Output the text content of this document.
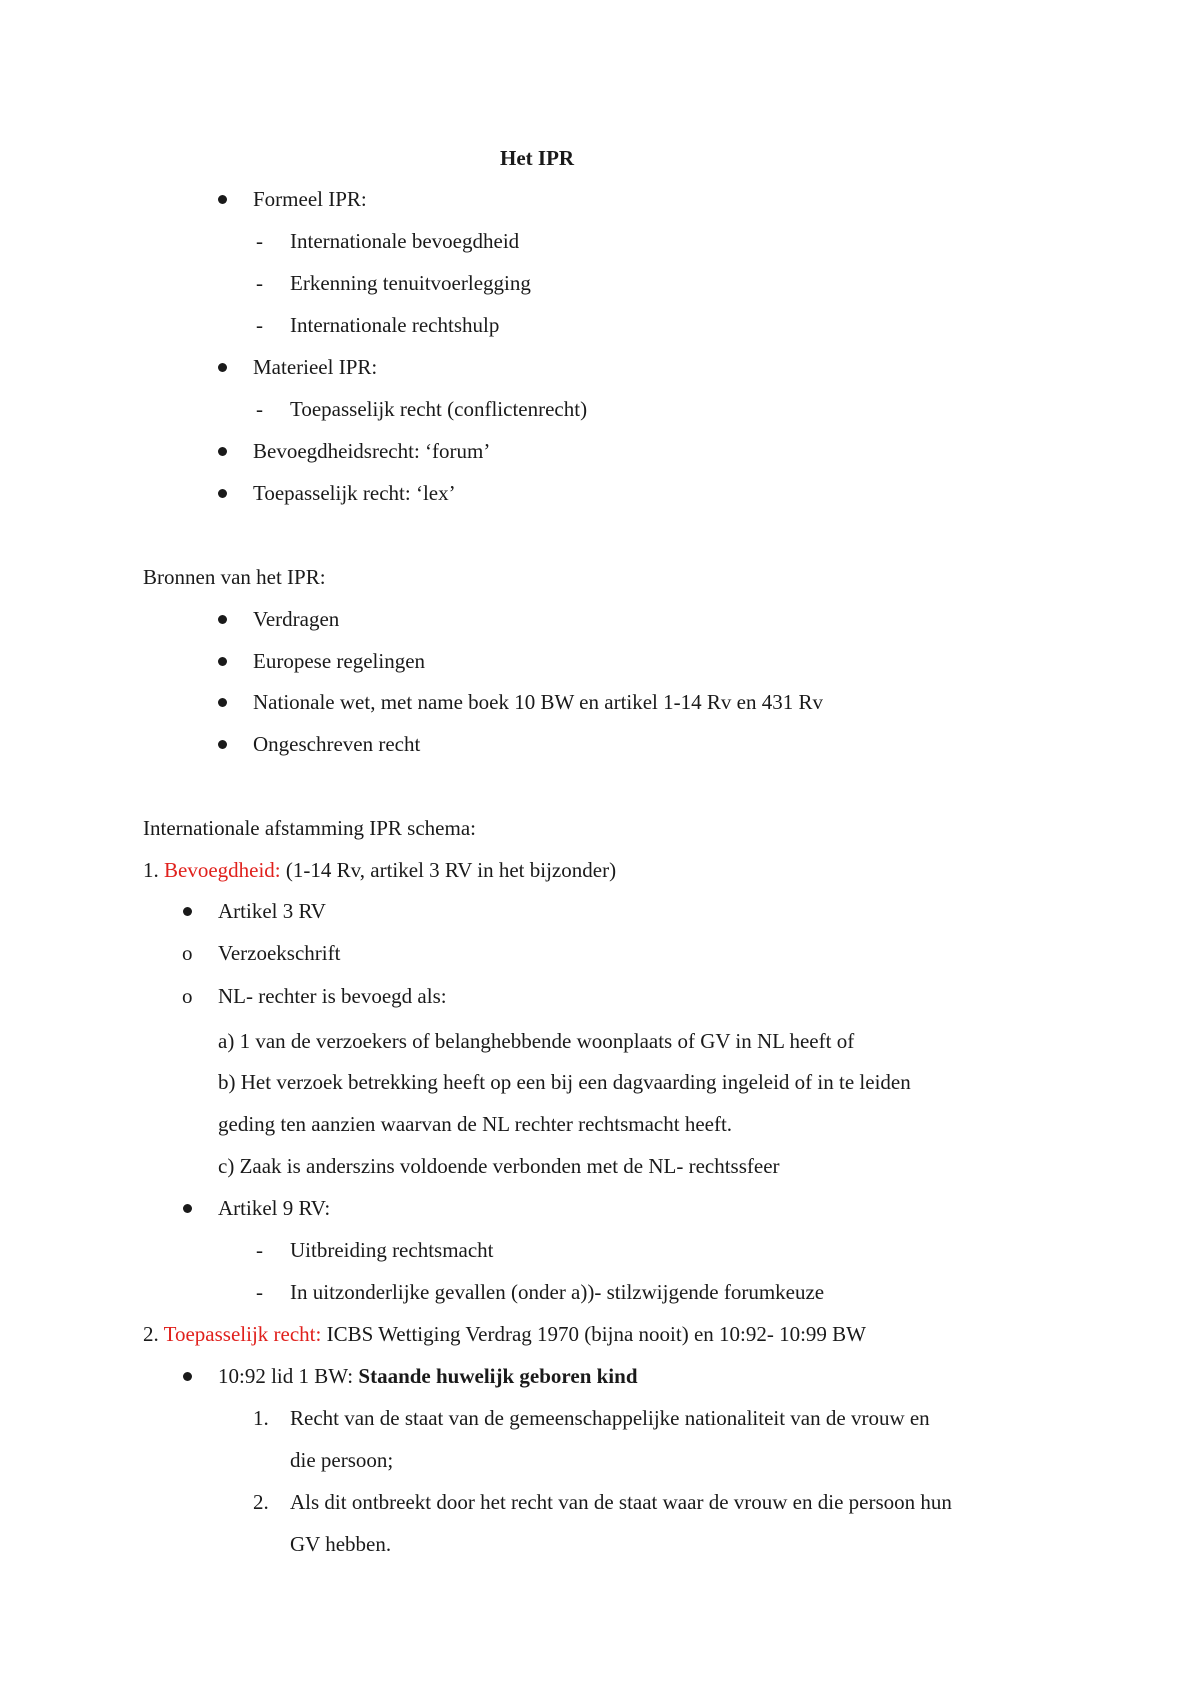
Het IPR
Formeel IPR:
- Internationale bevoegdheid
- Erkenning tenuitvoerlegging
- Internationale rechtshulp
Materieel IPR:
- Toepasselijk recht (conflictenrecht)
Bevoegdheidsrecht: ‘forum’
Toepasselijk recht: ‘lex’
Bronnen van het IPR:
Verdragen
Europese regelingen
Nationale wet, met name boek 10 BW en artikel 1-14 Rv en 431 Rv
Ongeschreven recht
Internationale afstamming IPR schema:
1. Bevoegdheid: (1-14 Rv, artikel 3 RV in het bijzonder)
Artikel 3 RV
o Verzoekschrift
o NL- rechter is bevoegd als:
a) 1 van de verzoekers of belanghebbende woonplaats of GV in NL heeft of
b) Het verzoek betrekking heeft op een bij een dagvaarding ingeleid of in te leiden
geding ten aanzien waarvan de NL rechter rechtsmacht heeft.
c) Zaak is anderszins voldoende verbonden met de NL- rechtssfeer
Artikel 9 RV:
- Uitbreiding rechtsmacht
- In uitzonderlijke gevallen (onder a))- stilzwijgende forumkeuze
2. Toepasselijk recht: ICBS Wettiging Verdrag 1970 (bijna nooit) en 10:92- 10:99 BW
10:92 lid 1 BW: Staande huwelijk geboren kind
1. Recht van de staat van de gemeenschappelijke nationaliteit van de vrouw en
die persoon;
2. Als dit ontbreekt door het recht van de staat waar de vrouw en die persoon hun
GV hebben.
